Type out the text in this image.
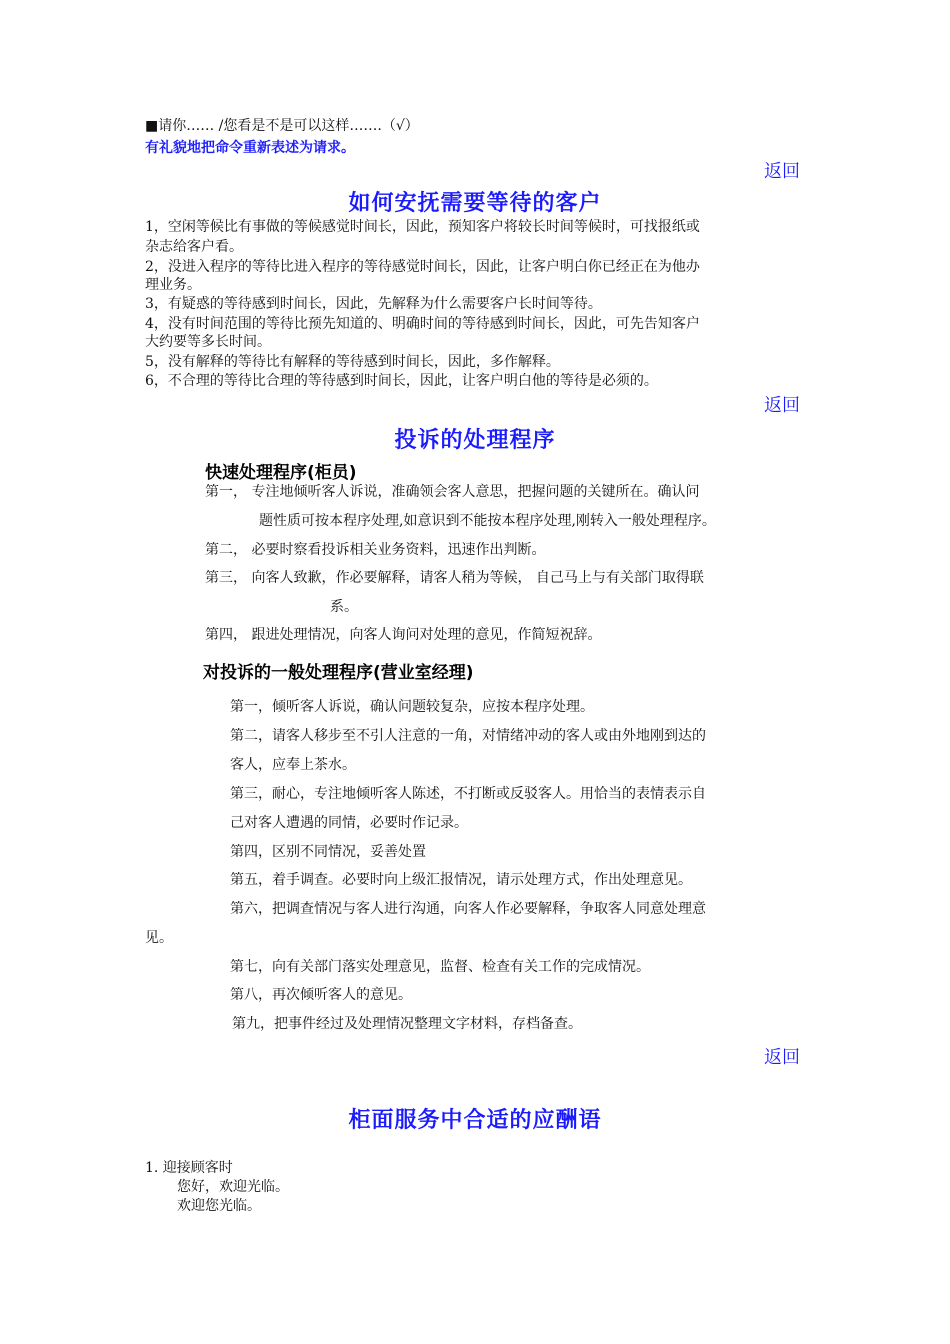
■请你…… /您看是不是可以这样…….（√）
有礼貌地把命令重新表述为请求。
返回
如何安抚需要等待的客户
1，空闲等候比有事做的等候感觉时间长，因此，预知客户将较长时间等候时，可找报纸或
杂志给客户看。
2，没进入程序的等待比进入程序的等待感觉时间长，因此，让客户明白你已经正在为他办
理业务。
3，有疑惑的等待感到时间长，因此，先解释为什么需要客户长时间等待。
4，没有时间范围的等待比预先知道的、明确时间的等待感到时间长，因此，可先告知客户
大约要等多长时间。
5，没有解释的等待比有解释的等待感到时间长，因此，多作解释。
6，不合理的等待比合理的等待感到时间长，因此，让客户明白他的等待是必须的。
返回
投诉的处理程序
快速处理程序(柜员)
第一， 专注地倾听客人诉说，准确领会客人意思，把握问题的关键所在。确认问
题性质可按本程序处理,如意识到不能按本程序处理,刚转入一般处理程序。
第二， 必要时察看投诉相关业务资料，迅速作出判断。
第三， 向客人致歉，作必要解释，请客人稍为等候， 自己马上与有关部门取得联
系。
第四， 跟进处理情况，向客人询问对处理的意见，作简短祝辞。
对投诉的一般处理程序(营业室经理)
第一，倾听客人诉说，确认问题较复杂，应按本程序处理。
第二，请客人移步至不引人注意的一角，对情绪冲动的客人或由外地刚到达的
客人，应奉上茶水。
第三，耐心，专注地倾听客人陈述，不打断或反驳客人。用恰当的表情表示自
己对客人遭遇的同情，必要时作记录。
第四，区别不同情况，妥善处置
第五，着手调查。必要时向上级汇报情况，请示处理方式，作出处理意见。
第六，把调查情况与客人进行沟通，向客人作必要解释，争取客人同意处理意
见。
第七，向有关部门落实处理意见，监督、检查有关工作的完成情况。
第八，再次倾听客人的意见。
第九，把事件经过及处理情况整理文字材料，存档备查。
返回
柜面服务中合适的应酬语
1. 迎接顾客时
您好，欢迎光临。
欢迎您光临。
